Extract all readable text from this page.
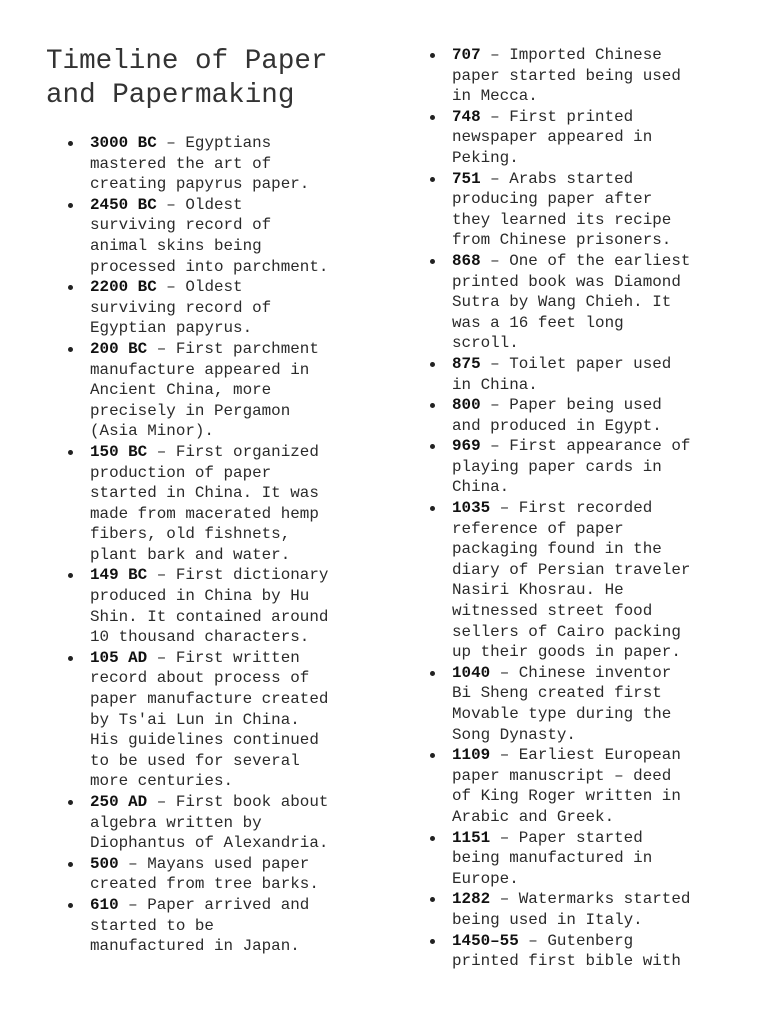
Timeline of Paper
and Papermaking
3000 BC – Egyptians
mastered the art of
creating papyrus paper.
2450 BC – Oldest
surviving record of
animal skins being
processed into parchment.
2200 BC – Oldest
surviving record of
Egyptian papyrus.
200 BC – First parchment
manufacture appeared in
Ancient China, more
precisely in Pergamon
(Asia Minor).
150 BC – First organized
production of paper
started in China. It was
made from macerated hemp
fibers, old fishnets,
plant bark and water.
149 BC – First dictionary
produced in China by Hu
Shin. It contained around
10 thousand characters.
105 AD – First written
record about process of
paper manufacture created
by Ts'ai Lun in China.
His guidelines continued
to be used for several
more centuries.
250 AD – First book about
algebra written by
Diophantus of Alexandria.
500 – Mayans used paper
created from tree barks.
610 – Paper arrived and
started to be
manufactured in Japan.
707 – Imported Chinese
paper started being used
in Mecca.
748 – First printed
newspaper appeared in
Peking.
751 – Arabs started
producing paper after
they learned its recipe
from Chinese prisoners.
868 – One of the earliest
printed book was Diamond
Sutra by Wang Chieh. It
was a 16 feet long
scroll.
875 – Toilet paper used
in China.
800 – Paper being used
and produced in Egypt.
969 – First appearance of
playing paper cards in
China.
1035 – First recorded
reference of paper
packaging found in the
diary of Persian traveler
Nasiri Khosrau. He
witnessed street food
sellers of Cairo packing
up their goods in paper.
1040 – Chinese inventor
Bi Sheng created first
Movable type during the
Song Dynasty.
1109 – Earliest European
paper manuscript – deed
of King Roger written in
Arabic and Greek.
1151 – Paper started
being manufactured in
Europe.
1282 – Watermarks started
being used in Italy.
1450–55 – Gutenberg
printed first bible with
